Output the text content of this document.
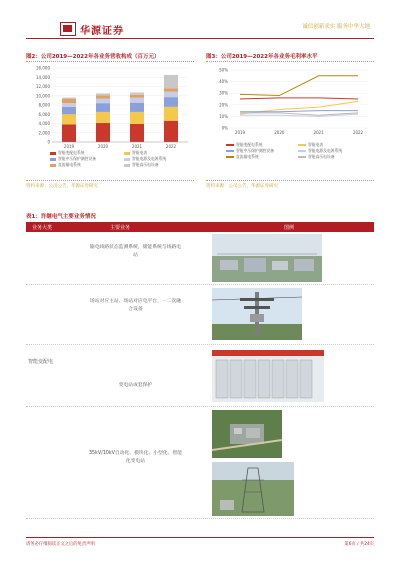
华源证券	诚信创新求实 服务中华大地
图2：公司2019—2022年各业务营收构成（百万元）
0
2,000
4,000
6,000
8,000
10,000
12,000
14,000
16,000
2019	2020	2021	2022
智能变配电系统	智能电表智能中压保护测控设备	智能电源及电源系统直流输电系统	智能高压电设备
资料来源：公司公告，华源证券研究
图3：公司2019—2022年各业务毛利率水平
0%
10%
20%
30%
40%
50%
2019	2020	2021	2022
智能变配电系统	智能电表智能中压保护测控设备	智能电源及电源系统直流输电系统	智能高压电设备
资料来源：公司公告，华源证券研究
表1：许继电气主要业务情况
业务大类	主要业务	图例
智能变配电
输电线路状态监测系统，储能系统与线路电站
场站对应主站、场站对应电平台，一二次融合设备
变电站成套保护
35kV/10kV自动化、模块化、小型化、智能化变电站
请务必仔细阅读正文之后的免责声明	第6页 / 共24页
